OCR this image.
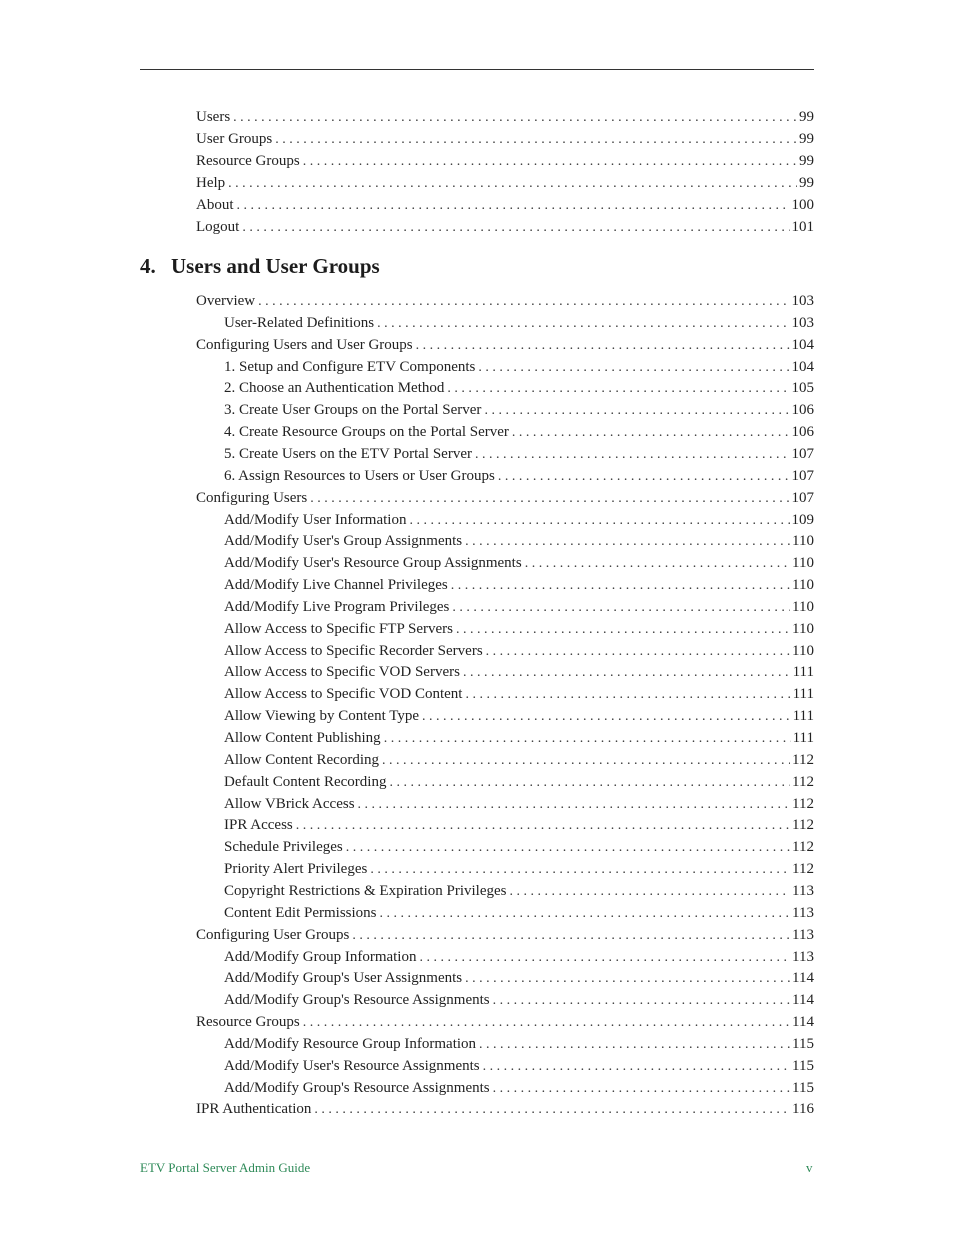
Users . . .	99
User Groups . . .	99
Resource Groups . . .	99
Help . . .	99
About . . .	100
Logout . . .	101
4. Users and User Groups
Overview . . .	103
User-Related Definitions . . .	103
Configuring Users and User Groups . . .	104
1. Setup and Configure ETV Components . . .	104
2. Choose an Authentication Method . . .	105
3. Create User Groups on the Portal Server . . .	106
4. Create Resource Groups on the Portal Server . . .	106
5. Create Users on the ETV Portal Server . . .	107
6. Assign Resources to Users or User Groups . . .	107
Configuring Users . . .	107
Add/Modify User Information . . .	109
Add/Modify User's Group Assignments . . .	110
Add/Modify User's Resource Group Assignments . . .	110
Add/Modify Live Channel Privileges . . .	110
Add/Modify Live Program Privileges . . .	110
Allow Access to Specific FTP Servers . . .	110
Allow Access to Specific Recorder Servers . . .	110
Allow Access to Specific VOD Servers . . .	111
Allow Access to Specific VOD Content . . .	111
Allow Viewing by Content Type . . .	111
Allow Content Publishing . . .	111
Allow Content Recording . . .	112
Default Content Recording . . .	112
Allow VBrick Access . . .	112
IPR Access . . .	112
Schedule Privileges . . .	112
Priority Alert Privileges . . .	112
Copyright Restrictions & Expiration Privileges . . .	113
Content Edit Permissions . . .	113
Configuring User Groups . . .	113
Add/Modify Group Information . . .	113
Add/Modify Group's User Assignments . . .	114
Add/Modify Group's Resource Assignments . . .	114
Resource Groups . . .	114
Add/Modify Resource Group Information . . .	115
Add/Modify User's Resource Assignments . . .	115
Add/Modify Group's Resource Assignments . . .	115
IPR Authentication . . .	116
ETV Portal Server Admin Guide	v
